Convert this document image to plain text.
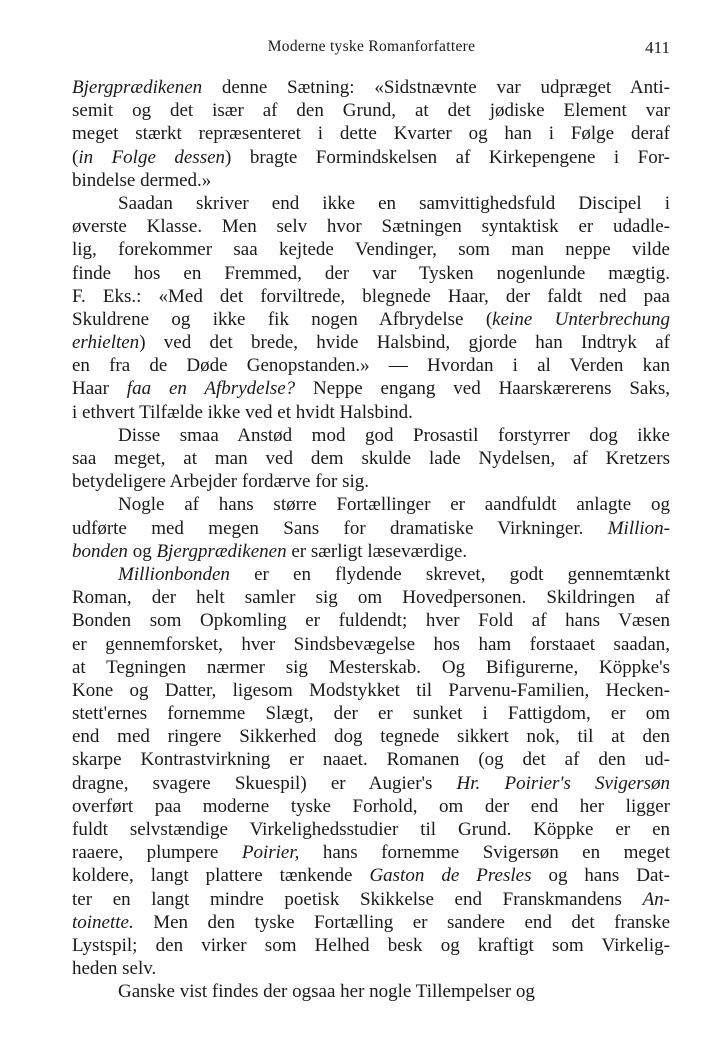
Moderne tyske Romanforfattere	411
Bjergprædikenen denne Sætning: «Sidstnævnte var udpræget Anti-
semit og det især af den Grund, at det jødiske Element var
meget stærkt repræsenteret i dette Kvarter og han i Følge deraf
(in Folge dessen) bragte Formindskelsen af Kirkepengene i For-
bindelse dermed.»
Saadan skriver end ikke en samvittighedsfuld Discipel i
øverste Klasse. Men selv hvor Sætningen syntaktisk er udadle-
lig, forekommer saa kejtede Vendinger, som man neppe vilde
finde hos en Fremmed, der var Tysken nogenlunde mægtig.
F. Eks.: «Med det forviltrede, blegnede Haar, der faldt ned paa
Skuldrene og ikke fik nogen Afbrydelse (keine Unterbrechung
erhielten) ved det brede, hvide Halsbind, gjorde han Indtryk af
en fra de Døde Genopstanden.» — Hvordan i al Verden kan
Haar faa en Afbrydelse? Neppe engang ved Haarskærerens Saks,
i ethvert Tilfælde ikke ved et hvidt Halsbind.
Disse smaa Anstød mod god Prosastil forstyrrer dog ikke
saa meget, at man ved dem skulde lade Nydelsen, af Kretzers
betydeligere Arbejder fordærve for sig.
Nogle af hans større Fortællinger er aandfuldt anlagte og
udførte med megen Sans for dramatiske Virkninger. Million-
bonden og Bjergprædikenen er særligt læseværdige.
Millionbonden er en flydende skrevet, godt gennemtænkt
Roman, der helt samler sig om Hovedpersonen. Skildringen af
Bonden som Opkomling er fuldendt; hver Fold af hans Væsen
er gennemforsket, hver Sindsbevægelse hos ham forstaaet saadan,
at Tegningen nærmer sig Mesterskab. Og Bifigurerne, Köppke's
Kone og Datter, ligesom Modstykket til Parvenu-Familien, Hecken-
stett'ernes fornemme Slægt, der er sunket i Fattigdom, er om
end med ringere Sikkerhed dog tegnede sikkert nok, til at den
skarpe Kontrastvirkning er naaet. Romanen (og det af den ud-
dragne, svagere Skuespil) er Augier's Hr. Poirier's Svigersøn
overført paa moderne tyske Forhold, om der end her ligger
fuldt selvstændige Virkelighedsstudier til Grund. Köppke er en
raaere, plumpere Poirier, hans fornemme Svigersøn en meget
koldere, langt plattere tænkende Gaston de Presles og hans Dat-
ter en langt mindre poetisk Skikkelse end Franskmandens An-
toinette. Men den tyske Fortælling er sandere end det franske
Lystspil; den virker som Helhed besk og kraftigt som Virkelig-
heden selv.
Ganske vist findes der ogsaa her nogle Tillempelser og
